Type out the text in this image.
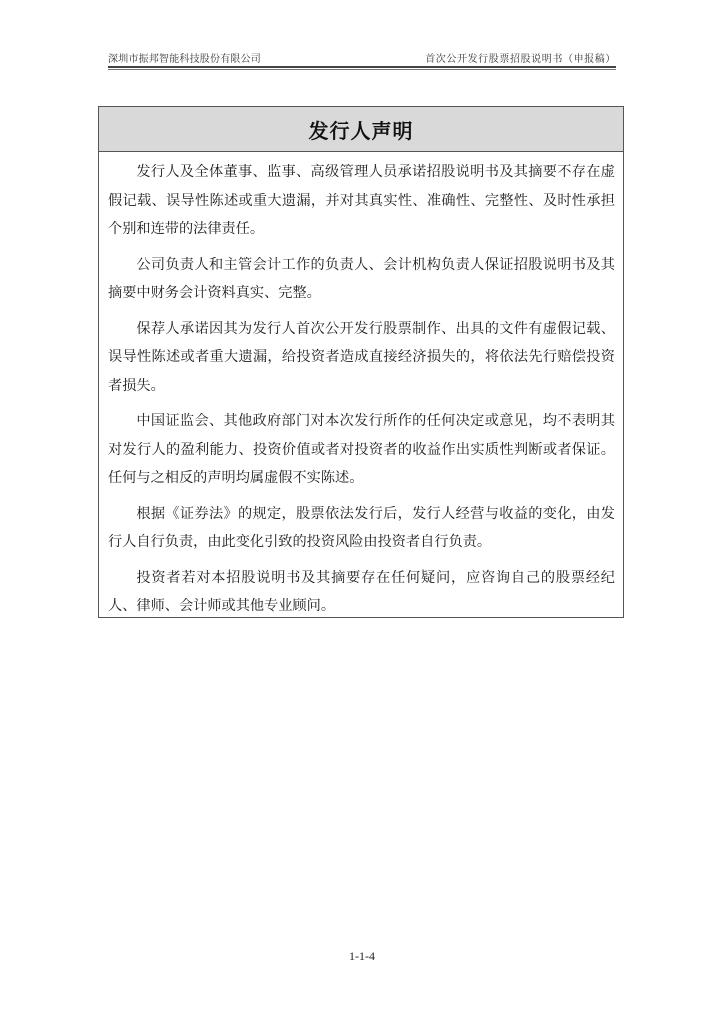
深圳市振邦智能科技股份有限公司	首次公开发行股票招股说明书（申报稿）
发行人声明

发行人及全体董事、监事、高级管理人员承诺招股说明书及其摘要不存在虚假记载、误导性陈述或重大遗漏，并对其真实性、准确性、完整性、及时性承担个别和连带的法律责任。

公司负责人和主管会计工作的负责人、会计机构负责人保证招股说明书及其摘要中财务会计资料真实、完整。

保荐人承诺因其为发行人首次公开发行股票制作、出具的文件有虚假记载、误导性陈述或者重大遗漏，给投资者造成直接经济损失的，将依法先行赔偿投资者损失。

中国证监会、其他政府部门对本次发行所作的任何决定或意见，均不表明其对发行人的盈利能力、投资价值或者对投资者的收益作出实质性判断或者保证。任何与之相反的声明均属虚假不实陈述。

根据《证券法》的规定，股票依法发行后，发行人经营与收益的变化，由发行人自行负责，由此变化引致的投资风险由投资者自行负责。

投资者若对本招股说明书及其摘要存在任何疑问，应咨询自己的股票经纪人、律师、会计师或其他专业顾问。

1-1-4
